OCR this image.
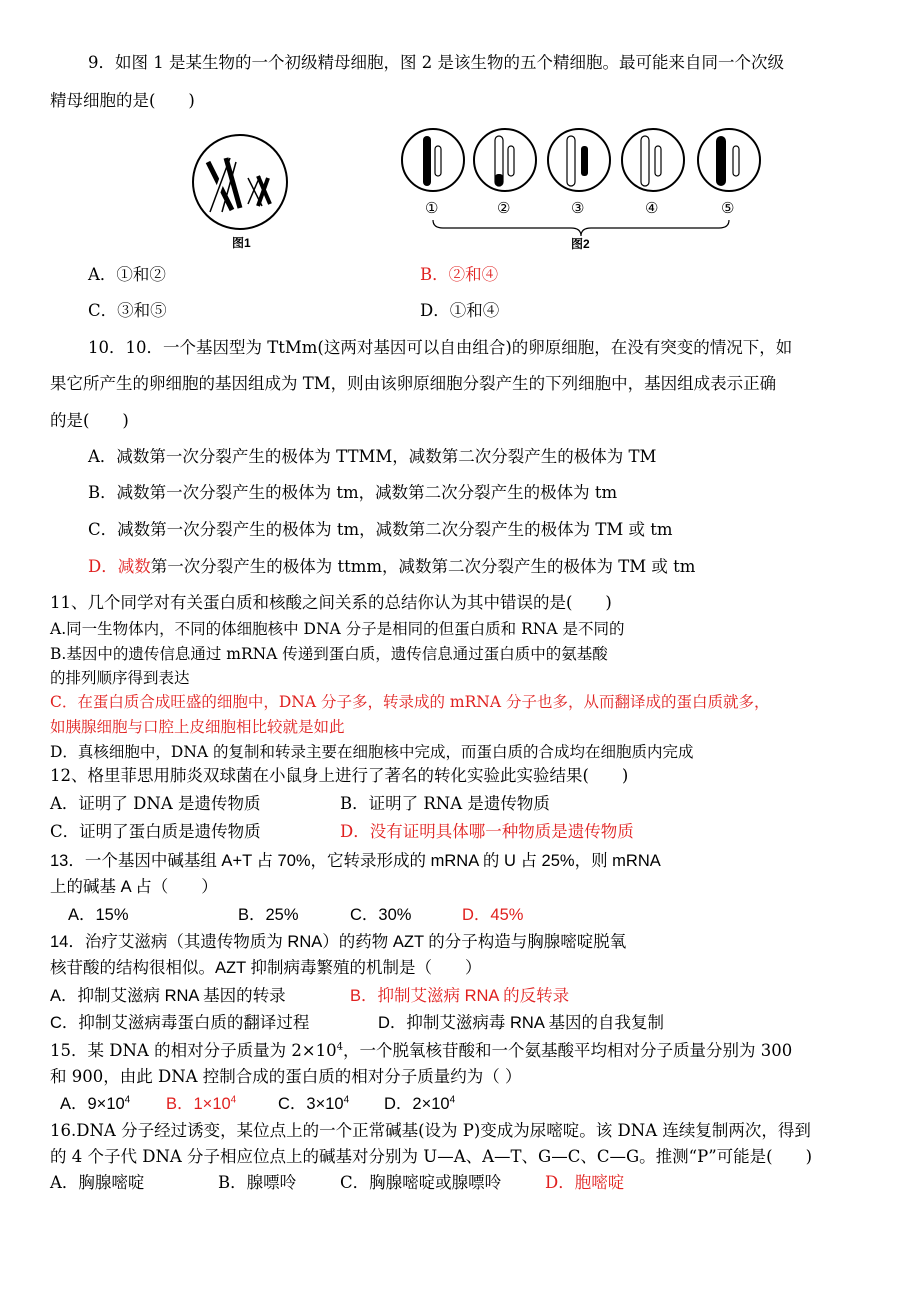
9．如图 1 是某生物的一个初级精母细胞，图 2 是该生物的五个精细胞。最可能来自同一个次级
精母细胞的是(　　)
图1
①	②	③	④	⑤
图2
A．①和②	B．②和④
C．③和⑤	D．①和④
10．10．一个基因型为 TtMm(这两对基因可以自由组合)的卵原细胞，在没有突变的情况下，如
果它所产生的卵细胞的基因组成为 TM，则由该卵原细胞分裂产生的下列细胞中，基因组成表示正确
的是(　　)
A．减数第一次分裂产生的极体为 TTMM，减数第二次分裂产生的极体为 TM
B．减数第一次分裂产生的极体为 tm，减数第二次分裂产生的极体为 tm
C．减数第一次分裂产生的极体为 tm，减数第二次分裂产生的极体为 TM 或 tm
D．减数第一次分裂产生的极体为 ttmm，减数第二次分裂产生的极体为 TM 或 tm
11、几个同学对有关蛋白质和核酸之间关系的总结你认为其中错误的是(　　)
A.同一生物体内，不同的体细胞核中 DNA 分子是相同的但蛋白质和 RNA 是不同的
B.基因中的遗传信息通过 mRNA 传递到蛋白质，遗传信息通过蛋白质中的氨基酸
的排列顺序得到表达
C．在蛋白质合成旺盛的细胞中，DNA 分子多，转录成的 mRNA 分子也多，从而翻译成的蛋白质就多，
如胰腺细胞与口腔上皮细胞相比较就是如此
D．真核细胞中，DNA 的复制和转录主要在细胞核中完成，而蛋白质的合成均在细胞质内完成
12、格里菲思用肺炎双球菌在小鼠身上进行了著名的转化实验此实验结果(　　)
A．证明了 DNA 是遗传物质	B．证明了 RNA 是遗传物质
C．证明了蛋白质是遗传物质	D．没有证明具体哪一种物质是遗传物质
13．一个基因中碱基组 A+T 占 70%，它转录形成的 mRNA 的 U 占 25%，则 mRNA
上的碱基 A 占（　　）
A．15%	B．25%	C．30%	D．45%
14．治疗艾滋病（其遗传物质为 RNA）的药物 AZT 的分子构造与胸腺嘧啶脱氧
核苷酸的结构很相似。AZT 抑制病毒繁殖的机制是（　　）
A．抑制艾滋病 RNA 基因的转录	B．抑制艾滋病 RNA 的反转录
C．抑制艾滋病毒蛋白质的翻译过程	D．抑制艾滋病毒 RNA 基因的自我复制
15．某 DNA 的相对分子质量为 $2\times 10^4$，一个脱氧核苷酸和一个氨基酸平均相对分子质量分别为 300
和 900，由此 DNA 控制合成的蛋白质的相对分子质量约为（ ）
A．$9\times 10^4$ B．$1\times 10^4$	C．$3\times 10^4$ D．$2\times 10^4$
16.DNA 分子经过诱变，某位点上的一个正常碱基(设为 P)变成为尿嘧啶。该 DNA 连续复制两次，得到
的 4 个子代 DNA 分子相应位点上的碱基对分别为 U—A、A—T、G—C、C—G。推测“P”可能是(　　)
A．胸腺嘧啶	B．腺嘌呤	C．胸腺嘧啶或腺嘌呤	D．胞嘧啶
